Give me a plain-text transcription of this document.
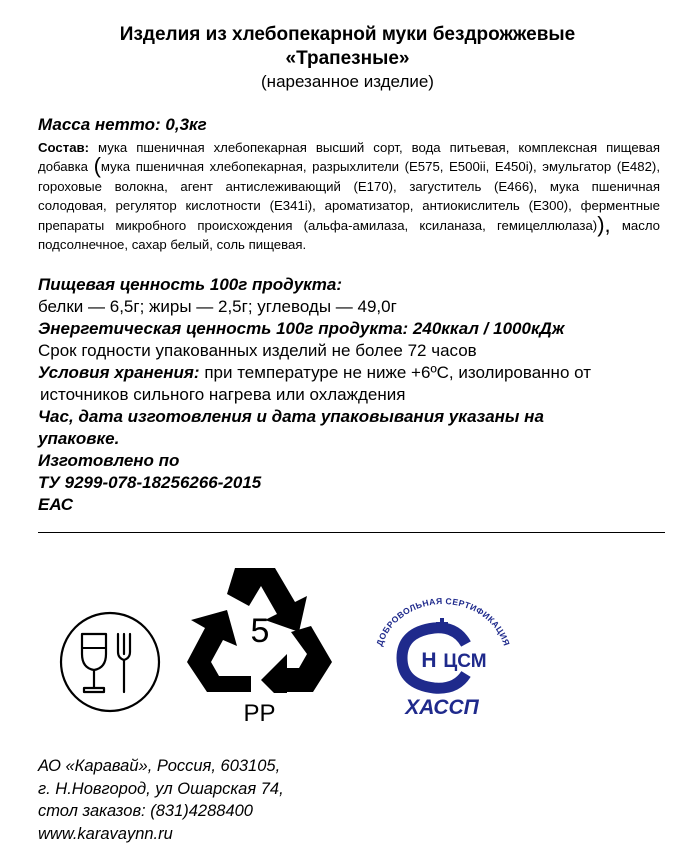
Изделия из хлебопекарной муки бездрожжевые
«Трапезные»
(нарезанное изделие)
Масса нетто: 0,3кг
Состав: мука пшеничная хлебопекарная высший сорт, вода питьевая, комплексная пищевая добавка (мука пшеничная хлебопекарная, разрыхлители (Е575, Е500ii, Е450i), эмульгатор (Е482), гороховые волокна, агент антислеживающий (Е170), загуститель (Е466), мука пшеничная солодовая, регулятор кислотности (Е341i), ароматизатор, антиокислитель (Е300), ферментные препараты микробного происхождения (альфа-амилаза, ксиланаза, гемицеллюлаза)), масло подсолнечное, сахар белый, соль пищевая.
Пищевая ценность 100г продукта:
белки — 6,5г; жиры — 2,5г; углеводы — 49,0г
Энергетическая ценность 100г продукта: 240ккал / 1000кДж
Срок годности упакованных изделий не более 72 часов
Условия хранения: при температуре не ниже +6ºС, изолированно от
источников сильного нагрева или охлаждения
Час, дата изготовления и дата упаковывания указаны на
упаковке.
Изготовлено по
ТУ 9299-078-18256266-2015
ЕАС
5
PP
ДОБРОВОЛЬНАЯ СЕРТИФИКАЦИЯ
Н ЦСМ
ХАССП
АО «Каравай», Россия, 603105,
г. Н.Новгород, ул Ошарская 74,
стол заказов: (831)4288400
www.karavaynn.ru
